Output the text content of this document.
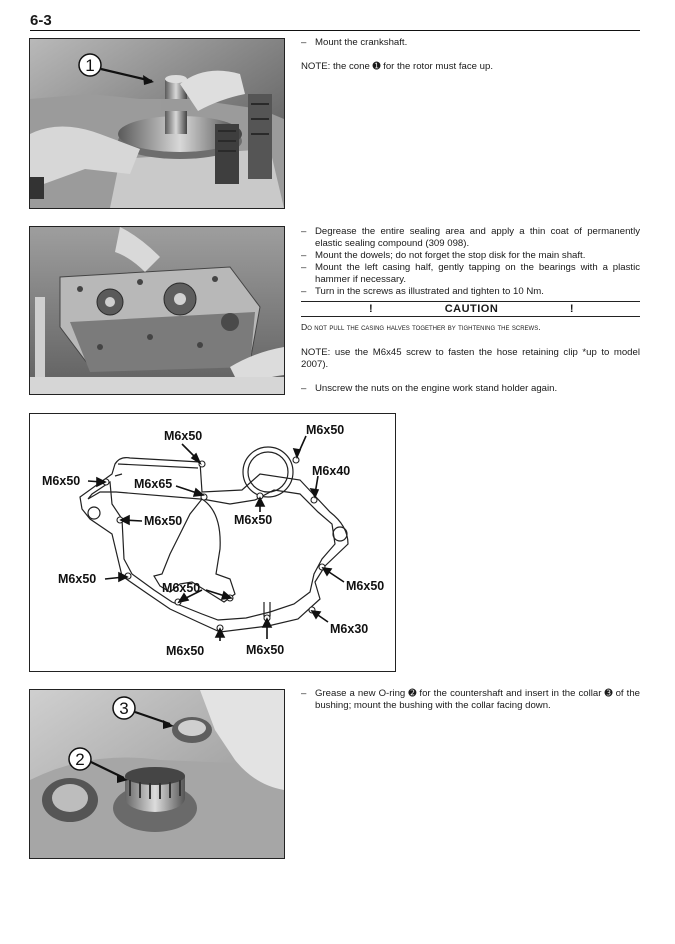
6-3
1
– Mount the crankshaft.

NOTE: the cone ➊ for the rotor must face up.

– Degrease the entire sealing area and apply a thin coat of permanently elastic sealing compound (309 098).
– Mount the dowels; do not forget the stop disk for the main shaft.
– Mount the left casing half, gently tapping on the bearings with a plastic hammer if necessary.
– Turn in the screws as illustrated and tighten to 10 Nm.
!	CAUTION	!

Do not pull the casing halves together by tightening the screws.

NOTE: use the M6x45 screw to fasten the hose retaining clip *up to model 2007).

– Unscrew the nuts on the engine work stand holder again.
M6x50	M6x50
M6x40
M6x50	M6x65
M6x50
M6x50
M6x50	M6x50
M6x50
M6x30
M6x50	M6x50
3
2
– Grease a new O-ring ➋ for the countershaft and insert in the collar ➌ of the bushing; mount the bushing with the collar facing down.
